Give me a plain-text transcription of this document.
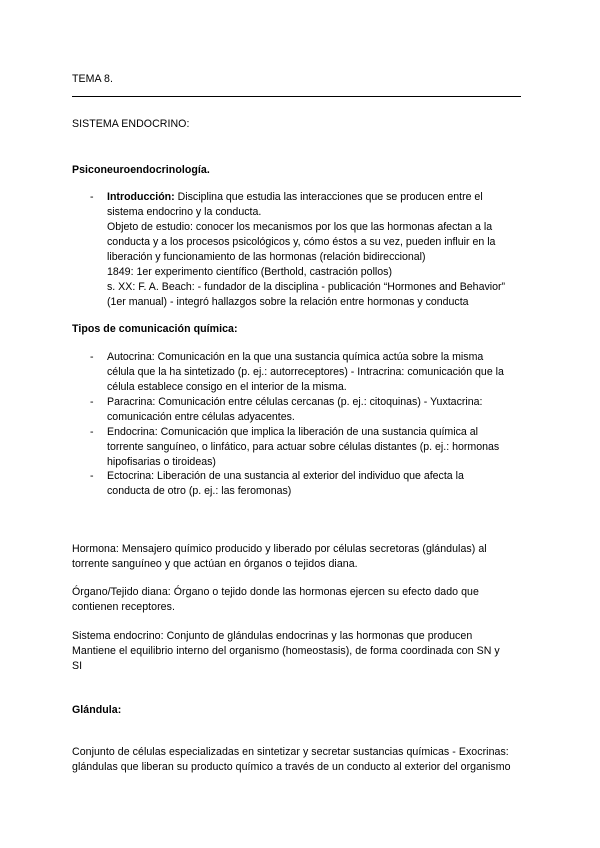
TEMA 8.
SISTEMA ENDOCRINO:
Psiconeuroendocrinología.
- Introducción: Disciplina que estudia las interacciones que se producen entre el
sistema endocrino y la conducta.
Objeto de estudio: conocer los mecanismos por los que las hormonas afectan a la
conducta y a los procesos psicológicos y, cómo éstos a su vez, pueden influir en la
liberación y funcionamiento de las hormonas (relación bidireccional)
1849: 1er experimento científico (Berthold, castración pollos)
s. XX: F. A. Beach: - fundador de la disciplina - publicación “Hormones and Behavior”
(1er manual) - integró hallazgos sobre la relación entre hormonas y conducta
Tipos de comunicación química:
- Autocrina: Comunicación en la que una sustancia química actúa sobre la misma
célula que la ha sintetizado (p. ej.: autorreceptores) - Intracrina: comunicación que la
célula establece consigo en el interior de la misma.
- Paracrina: Comunicación entre células cercanas (p. ej.: citoquinas) - Yuxtacrina:
comunicación entre células adyacentes.
- Endocrina: Comunicación que implica la liberación de una sustancia química al
torrente sanguíneo, o linfático, para actuar sobre células distantes (p. ej.: hormonas
hipofisarias o tiroideas)
- Ectocrina: Liberación de una sustancia al exterior del individuo que afecta la
conducta de otro (p. ej.: las feromonas)
Hormona: Mensajero químico producido y liberado por células secretoras (glándulas) al
torrente sanguíneo y que actúan en órganos o tejidos diana.
Órgano/Tejido diana: Órgano o tejido donde las hormonas ejercen su efecto dado que
contienen receptores.
Sistema endocrino: Conjunto de glándulas endocrinas y las hormonas que producen
Mantiene el equilibrio interno del organismo (homeostasis), de forma coordinada con SN y
SI
Glándula:
Conjunto de células especializadas en sintetizar y secretar sustancias químicas - Exocrinas:
glándulas que liberan su producto químico a través de un conducto al exterior del organismo
